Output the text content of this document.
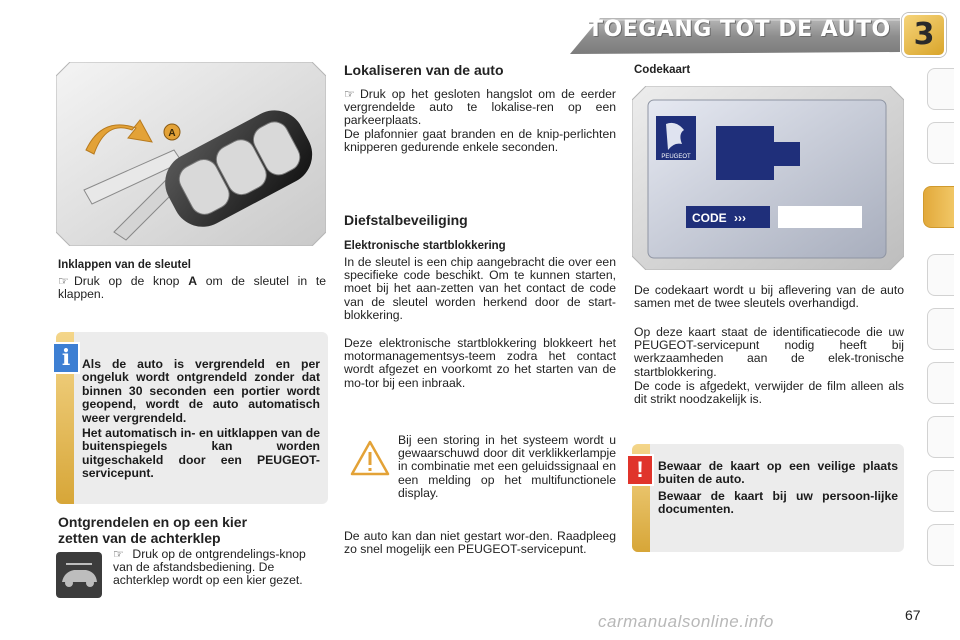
TOEGANG TOT DE AUTO 3
A
Inklappen van de sleutel
☞ Druk op de knop A om de sleutel in te klappen.
i Als de auto is vergrendeld en per ongeluk wordt ontgrendeld zonder dat binnen 30 seconden een portier wordt geopend, wordt de auto automatisch weer vergrendeld.
Het automatisch in- en uitklappen van de buitenspiegels kan worden uitgeschakeld door een PEUGEOT-servicepunt.
Ontgrendelen en op een kier
zetten van de achterklep
☞ Druk op de ontgrendelings-knop van de afstandsbediening. De achterklep wordt op een kier gezet.
Lokaliseren van de auto
☞ Druk op het gesloten hangslot om de eerder vergrendelde auto te lokalise-ren op een parkeerplaats.
De plafonnier gaat branden en de knip-perlichten knipperen gedurende enkele seconden.
Diefstalbeveiliging
Elektronische startblokkering
In de sleutel is een chip aangebracht die over een specifieke code beschikt. Om te kunnen starten, moet bij het aan-zetten van het contact de code van de sleutel worden herkend door de start-blokkering.
Deze elektronische startblokkering blokkeert het motormanagementsys-teem zodra het contact wordt afgezet en voorkomt zo het starten van de mo-tor bij een inbraak.
Bij een storing in het systeem wordt u gewaarschuwd door dit verklikkerlampje in combinatie met een geluidssignaal en een melding op het multifunctionele display.
De auto kan dan niet gestart wor-den. Raadpleeg zo snel mogelijk een PEUGEOT-servicepunt.
Codekaart
PEUGEOT
CODE ›››
De codekaart wordt u bij aflevering van de auto samen met de twee sleutels overhandigd.
Op deze kaart staat de identificatiecode die uw PEUGEOT-servicepunt nodig heeft bij werkzaamheden aan de elek-tronische startblokkering.
De code is afgedekt, verwijder de film alleen als dit strikt noodzakelijk is.
!	Bewaar de kaart op een veilige plaats buiten de auto.
Bewaar de kaart bij uw persoon-lijke documenten.
carmanualsonline.info	67
